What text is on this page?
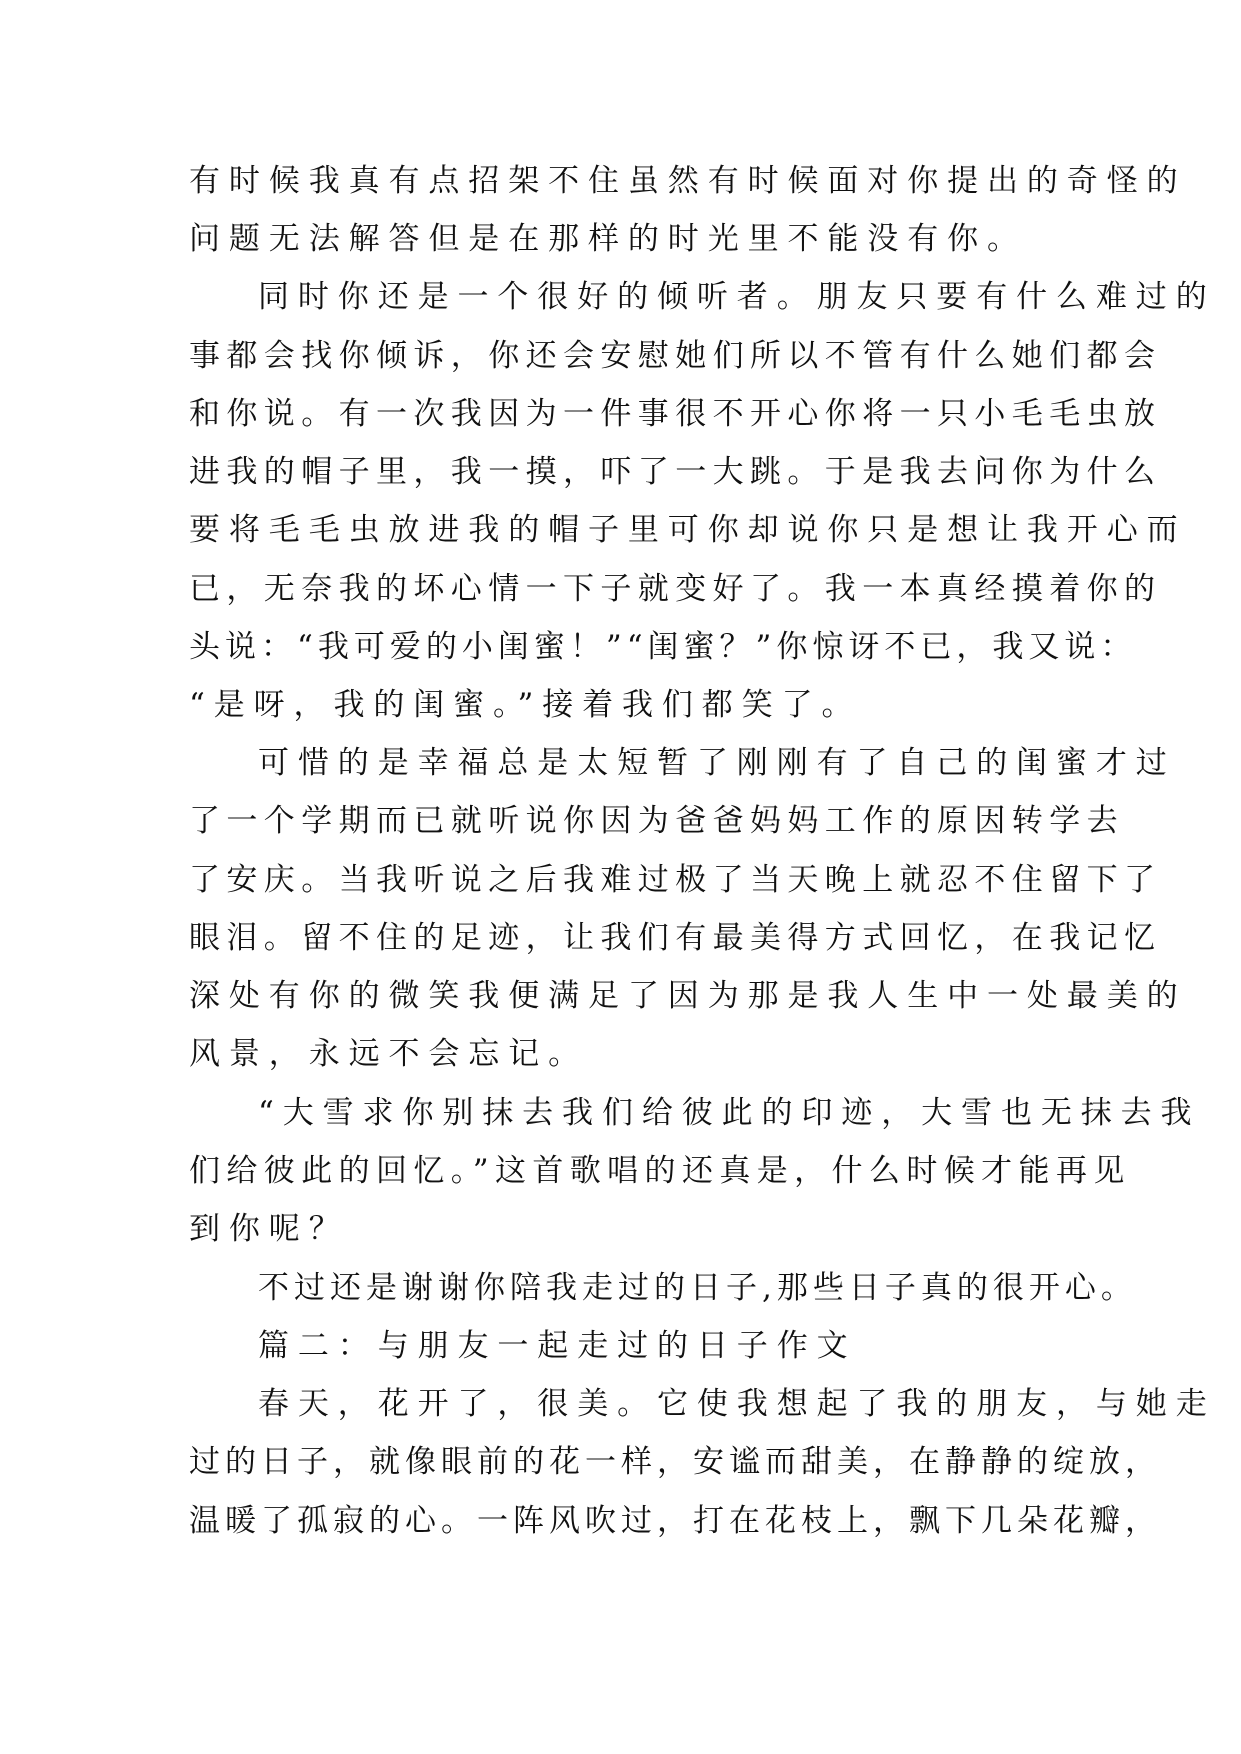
有时候我真有点招架不住虽然有时候面对你提出的奇怪的
问题无法解答但是在那样的时光里不能没有你。
同时你还是一个很好的倾听者。朋友只要有什么难过的
事都会找你倾诉，你还会安慰她们所以不管有什么她们都会
和你说。有一次我因为一件事很不开心你将一只小毛毛虫放
进我的帽子里，我一摸，吓了一大跳。于是我去问你为什么
要将毛毛虫放进我的帽子里可你却说你只是想让我开心而
已，无奈我的坏心情一下子就变好了。我一本真经摸着你的
头说：“我可爱的小闺蜜！”“闺蜜？”你惊讶不已，我又说：
“是呀，我的闺蜜。”接着我们都笑了。
可惜的是幸福总是太短暂了刚刚有了自己的闺蜜才过
了一个学期而已就听说你因为爸爸妈妈工作的原因转学去
了安庆。当我听说之后我难过极了当天晚上就忍不住留下了
眼泪。留不住的足迹，让我们有最美得方式回忆，在我记忆
深处有你的微笑我便满足了因为那是我人生中一处最美的
风景，永远不会忘记。
“大雪求你别抹去我们给彼此的印迹，大雪也无抹去我
们给彼此的回忆。”这首歌唱的还真是，什么时候才能再见
到你呢？
不过还是谢谢你陪我走过的日子,那些日子真的很开心。
篇二：与朋友一起走过的日子作文
春天，花开了，很美。它使我想起了我的朋友，与她走
过的日子，就像眼前的花一样，安谧而甜美，在静静的绽放，
温暖了孤寂的心。一阵风吹过，打在花枝上，飘下几朵花瓣，
